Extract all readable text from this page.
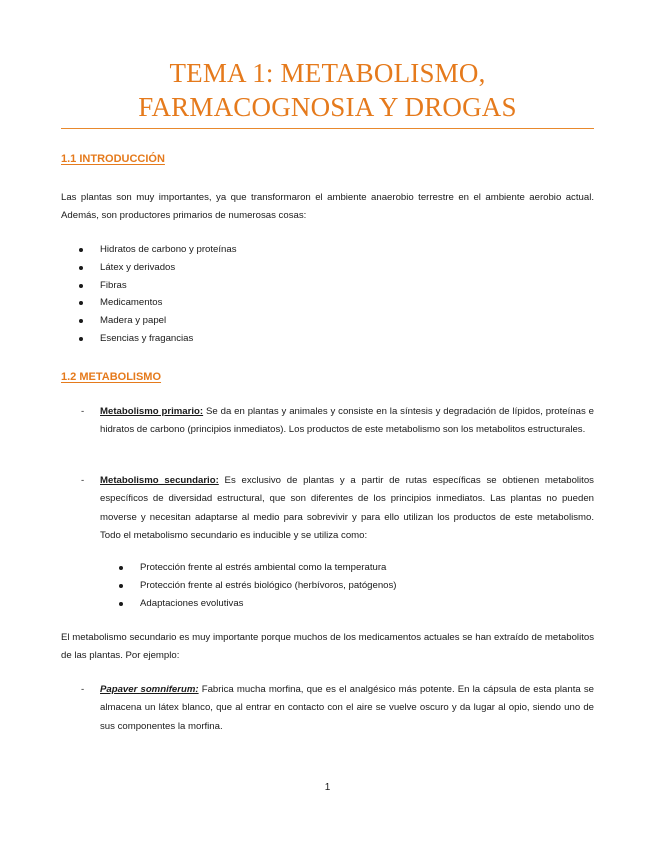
TEMA 1: METABOLISMO,
FARMACOGNOSIA Y DROGAS
1.1 INTRODUCCIÓN
Las plantas son muy importantes, ya que transformaron el ambiente anaerobio terrestre en el ambiente aerobio actual. Además, son productores primarios de numerosas cosas:
Hidratos de carbono y proteínas
Látex y derivados
Fibras
Medicamentos
Madera y papel
Esencias y fragancias
1.2 METABOLISMO
- Metabolismo primario: Se da en plantas y animales y consiste en la síntesis y degradación de lípidos, proteínas e hidratos de carbono (principios inmediatos). Los productos de este metabolismo son los metabolitos estructurales.
- Metabolismo secundario: Es exclusivo de plantas y a partir de rutas específicas se obtienen metabolitos específicos de diversidad estructural, que son diferentes de los principios inmediatos. Las plantas no pueden moverse y necesitan adaptarse al medio para sobrevivir y para ello utilizan los productos de este metabolismo. Todo el metabolismo secundario es inducible y se utiliza como:
Protección frente al estrés ambiental como la temperatura
Protección frente al estrés biológico (herbívoros, patógenos)
Adaptaciones evolutivas
El metabolismo secundario es muy importante porque muchos de los medicamentos actuales se han extraído de metabolitos de las plantas. Por ejemplo:
- Papaver somniferum: Fabrica mucha morfina, que es el analgésico más potente. En la cápsula de esta planta se almacena un látex blanco, que al entrar en contacto con el aire se vuelve oscuro y da lugar al opio, siendo uno de sus componentes la morfina.
1
